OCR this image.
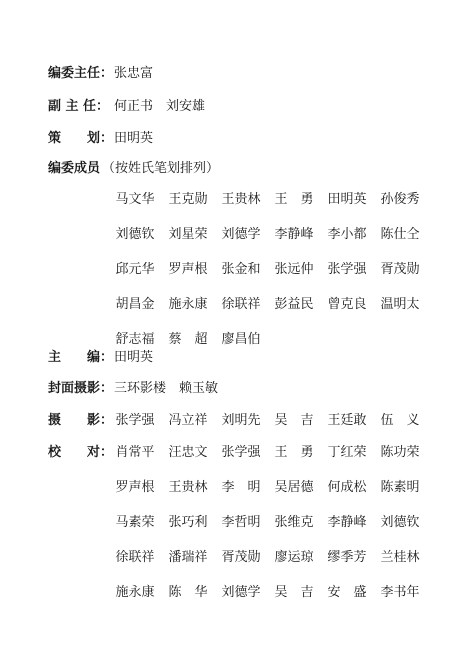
编委主任： 张忠富
副 主 任： 何正书　刘安雄
策　　划： 田明英
编委成员 （按姓氏笔划排列）
马文华	王克勋	王贵林	王　勇	田明英	孙俊秀
刘德钦	刘星荣	刘德学	李静峰	李小都	陈仕仝
邱元华	罗声根	张金和	张远仲	张学强	胥茂勋
胡昌金	施永康	徐联祥	彭益民	曾克良	温明太
舒志福	蔡　超	廖昌伯
主　　编： 田明英
封面摄影： 三环影楼　赖玉敏
摄　　影： 张学强	冯立祥	刘明先	吴　吉	王廷敢	伍　义
校　　对： 肖常平	汪忠文	张学强	王　勇	丁红荣	陈功荣
罗声根	王贵林	李　明	吴居德	何成松	陈素明
马素荣	张巧利	李哲明	张维克	李静峰	刘德钦
徐联祥	潘瑞祥	胥茂勋	廖运琼	缪季芳	兰桂林
施永康	陈　华	刘德学	吴　吉	安　盛	李书年
